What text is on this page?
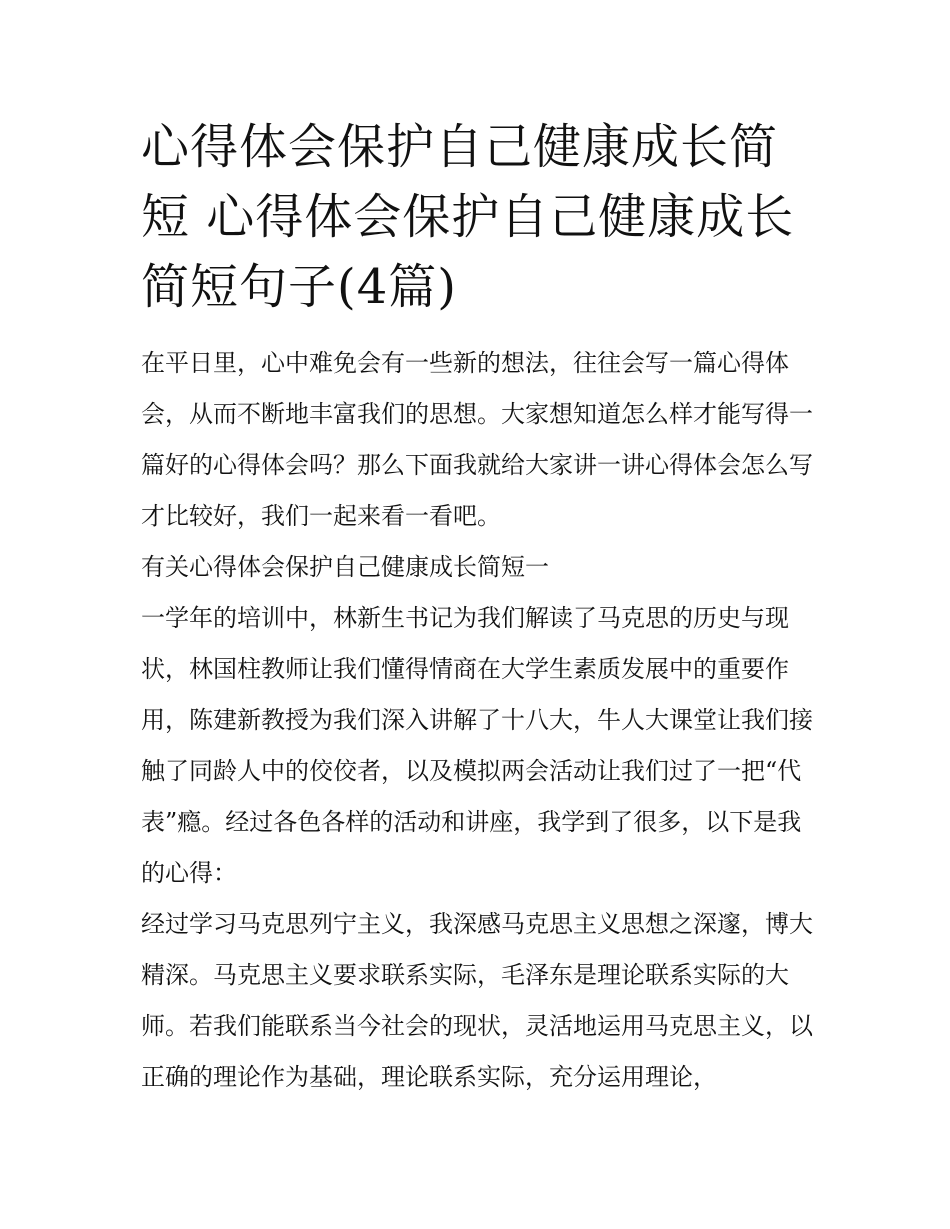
心得体会保护自己健康成长简短 心得体会保护自己健康成长简短句子(4篇)

在平日里，心中难免会有一些新的想法，往往会写一篇心得体会，从而不断地丰富我们的思想。大家想知道怎么样才能写得一篇好的心得体会吗？那么下面我就给大家讲一讲心得体会怎么写才比较好，我们一起来看一看吧。

有关心得体会保护自己健康成长简短一

一学年的培训中，林新生书记为我们解读了马克思的历史与现状，林国柱教师让我们懂得情商在大学生素质发展中的重要作用，陈建新教授为我们深入讲解了十八大，牛人大课堂让我们接触了同龄人中的佼佼者，以及模拟两会活动让我们过了一把“代表”瘾。经过各色各样的活动和讲座，我学到了很多，以下是我的心得：

经过学习马克思列宁主义，我深感马克思主义思想之深邃，博大精深。马克思主义要求联系实际，毛泽东是理论联系实际的大师。若我们能联系当今社会的现状，灵活地运用马克思主义，以正确的理论作为基础，理论联系实际，充分运用理论，
